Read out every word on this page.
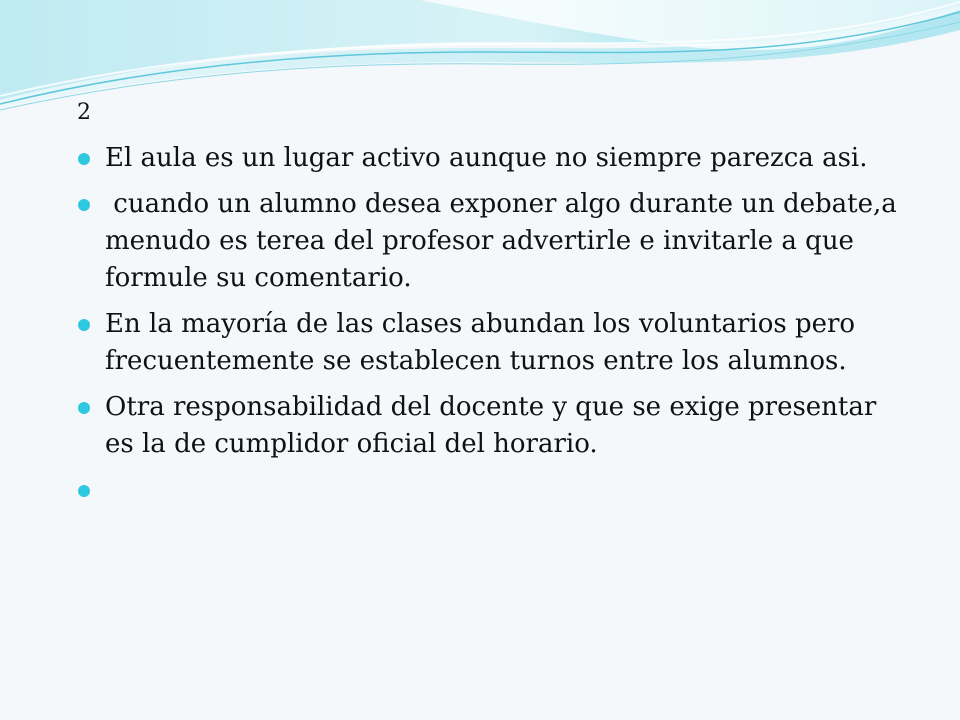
2
El aula es un lugar activo aunque no siempre parezca asi.
cuando un alumno desea exponer algo durante un debate,a menudo es terea del profesor advertirle e invitarle a que formule su comentario.
En la mayoría de las clases abundan los voluntarios pero frecuentemente se establecen turnos entre los alumnos.
Otra responsabilidad del docente y que se exige presentar es la de cumplidor oficial del horario.
